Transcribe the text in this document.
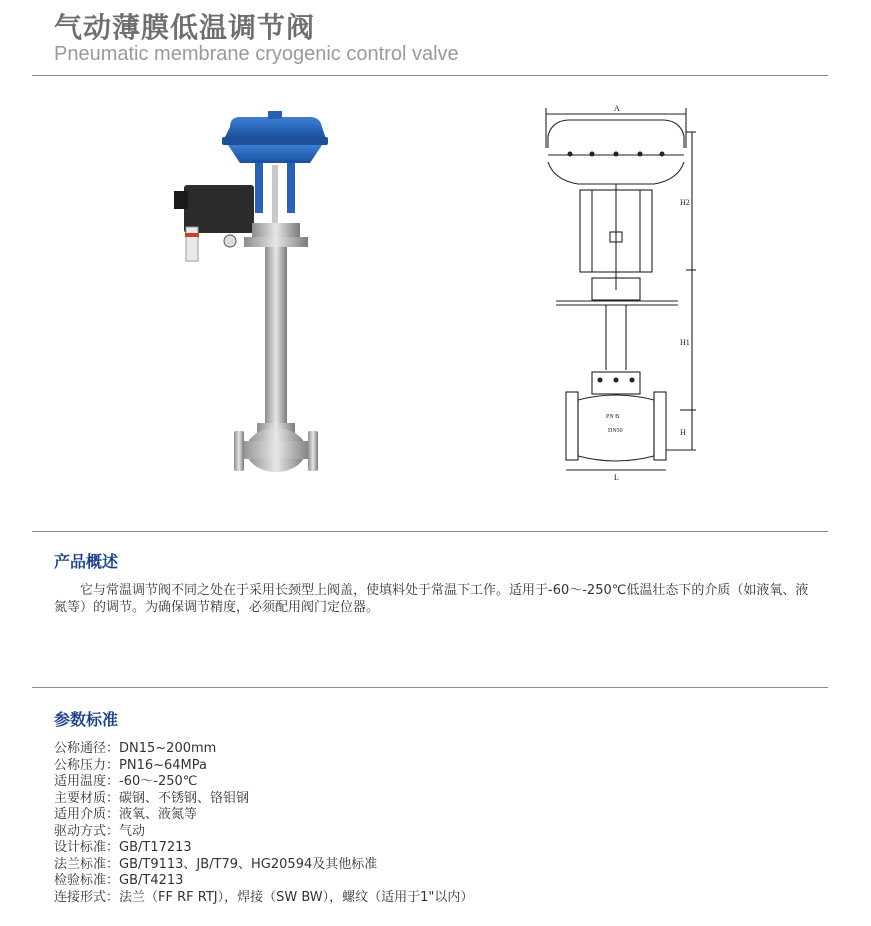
气动薄膜低温调节阀
Pneumatic membrane cryogenic control valve
A
H2
H1
H
L
PN B
DN50
产品概述

它与常温调节阀不同之处在于采用长颈型上阀盖，使填料处于常温下工作。适用于-60～-250℃低温壮态下的介质（如液氧、液氮等）的调节。为确保调节精度，必须配用阀门定位器。

参数标准
公称通径：DN15~200mm
公称压力：PN16~64MPa
适用温度：-60～-250℃
主要材质：碳钢、不锈钢、铬钼钢
适用介质：液氧、液氮等
驱动方式：气动
设计标准：GB/T17213
法兰标准：GB/T9113、JB/T79、HG20594及其他标准
检验标准：GB/T4213
连接形式：法兰（FF RF RTJ），焊接（SW BW），螺纹（适用于1"以内）
